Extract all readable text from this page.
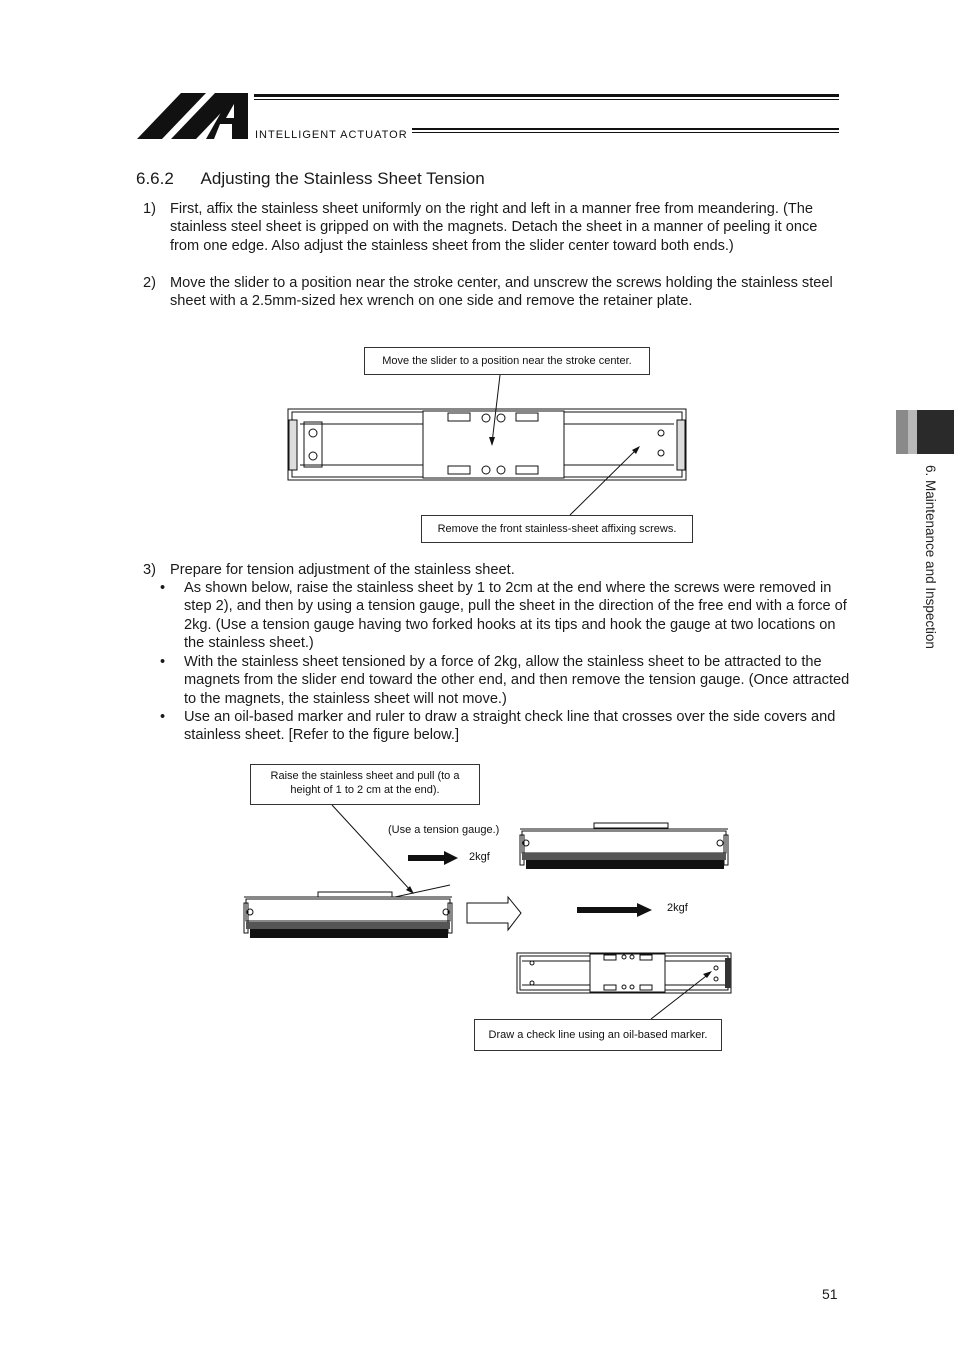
INTELLIGENT ACTUATOR
6.6.2 Adjusting the Stainless Sheet Tension
1) First, affix the stainless sheet uniformly on the right and left in a manner free from meandering. (The stainless steel sheet is gripped on with the magnets. Detach the sheet in a manner of peeling it once from one edge. Also adjust the stainless sheet from the slider center toward both ends.)
2) Move the slider to a position near the stroke center, and unscrew the screws holding the stainless steel sheet with a 2.5mm-sized hex wrench on one side and remove the retainer plate.
Move the slider to a position near the stroke center.
Remove the front stainless-sheet affixing screws.
3) Prepare for tension adjustment of the stainless sheet.
• As shown below, raise the stainless sheet by 1 to 2cm at the end where the screws were removed in step 2), and then by using a tension gauge, pull the sheet in the direction of the free end with a force of 2kg. (Use a tension gauge having two forked hooks at its tips and hook the gauge at two locations on the stainless sheet.)
• With the stainless sheet tensioned by a force of 2kg, allow the stainless sheet to be attracted to the magnets from the slider end toward the other end, and then remove the tension gauge. (Once attracted to the magnets, the stainless sheet will not move.)
• Use an oil-based marker and ruler to draw a straight check line that crosses over the side covers and stainless sheet. [Refer to the figure below.]
Raise the stainless sheet and pull (to a height of 1 to 2 cm at the end).
(Use a tension gauge.)
2kgf
2kgf
Draw a check line using an oil-based marker.
6. Maintenance and Inspection
51
